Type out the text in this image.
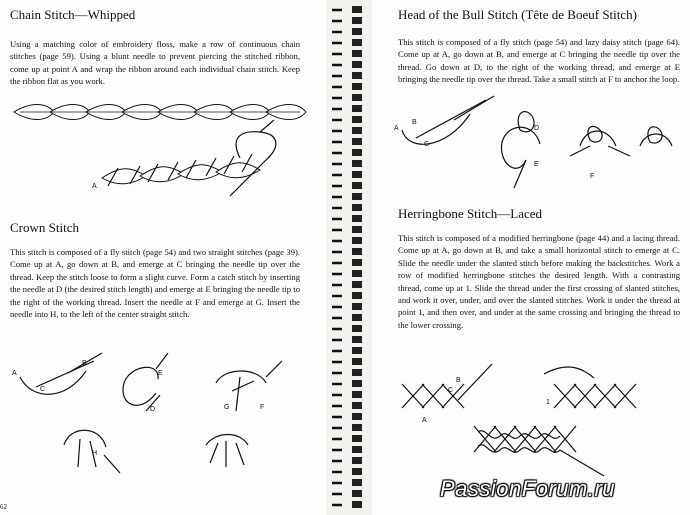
Chain Stitch—Whipped

Using a matching color of embroidery floss, make a row of continuous chain stitches (page 59). Using a blunt needle to prevent piercing the stitched ribbon, come up at point A and wrap the ribbon around each individual chain stitch. Keep the ribbon flat as you work.

A
Crown Stitch

This stitch is composed of a fly stitch (page 54) and two straight stitches (page 39). Come up at A, go down at B, and emerge at C bringing the needle tip over the thread. Keep the stitch loose to form a slight curve. Form a catch stitch by inserting the needle at D (the desired stitch length) and emerge at E bringing the needle tip to the right of the working thread. Insert the needle at F and emerge at G. Insert the needle into H, to the left of the center straight stitch.

A
B
C
D
E
F
G
H
62
Head of the Bull Stitch (Tête de Boeuf Stitch)

This stitch is composed of a fly stitch (page 54) and lazy daisy stitch (page 64). Come up at A, go down at B, and emerge at C bringing the needle tip over the thread. Go down at D, to the right of the working thread, and emerge at E bringing the needle tip over the thread. Take a small stitch at F to anchor the loop.

A
B
C
D
E
F
Herringbone Stitch—Laced

This stitch is composed of a modified herringbone (page 44) and a lacing thread. Come up at A, go down at B, and take a small horizontal stitch to emerge at C. Slide the needle under the slanted stitch before making the backstitches. Work a row of modified herringbone stitches the desired length. With a contrasting thread, come up at 1. Slide the thread under the first crossing of slanted stitches, and work it over, under, and over the slanted stitches. Work it under the thread at point 1, and then over, and under at the same crossing and bringing the thread to the lower crossing.

B
C
A
1
PassionForum.ru
